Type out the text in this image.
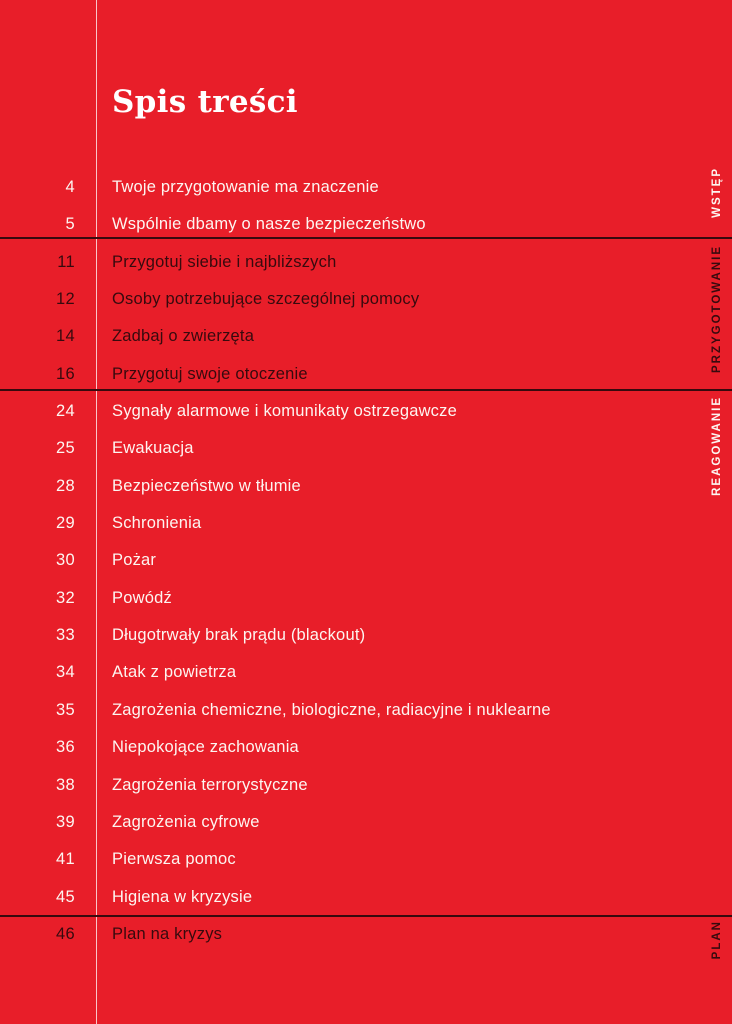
Spis treści
4 Twoje przygotowanie ma znaczenie
5 Wspólnie dbamy o nasze bezpieczeństwo
11 Przygotuj siebie i najbliższych
12 Osoby potrzebujące szczególnej pomocy
14 Zadbaj o zwierzęta
16 Przygotuj swoje otoczenie
24 Sygnały alarmowe i komunikaty ostrzegawcze
25 Ewakuacja
28 Bezpieczeństwo w tłumie
29 Schronienia
30 Pożar
32 Powódź
33 Długotrwały brak prądu (blackout)
34 Atak z powietrza
35 Zagrożenia chemiczne, biologiczne, radiacyjne i nuklearne
36 Niepokojące zachowania
38 Zagrożenia terrorystyczne
39 Zagrożenia cyfrowe
41 Pierwsza pomoc
45 Higiena w kryzysie
46 Plan na kryzys
WSTĘP
PRZYGOTOWANIE
REAGOWANIE
PLAN
